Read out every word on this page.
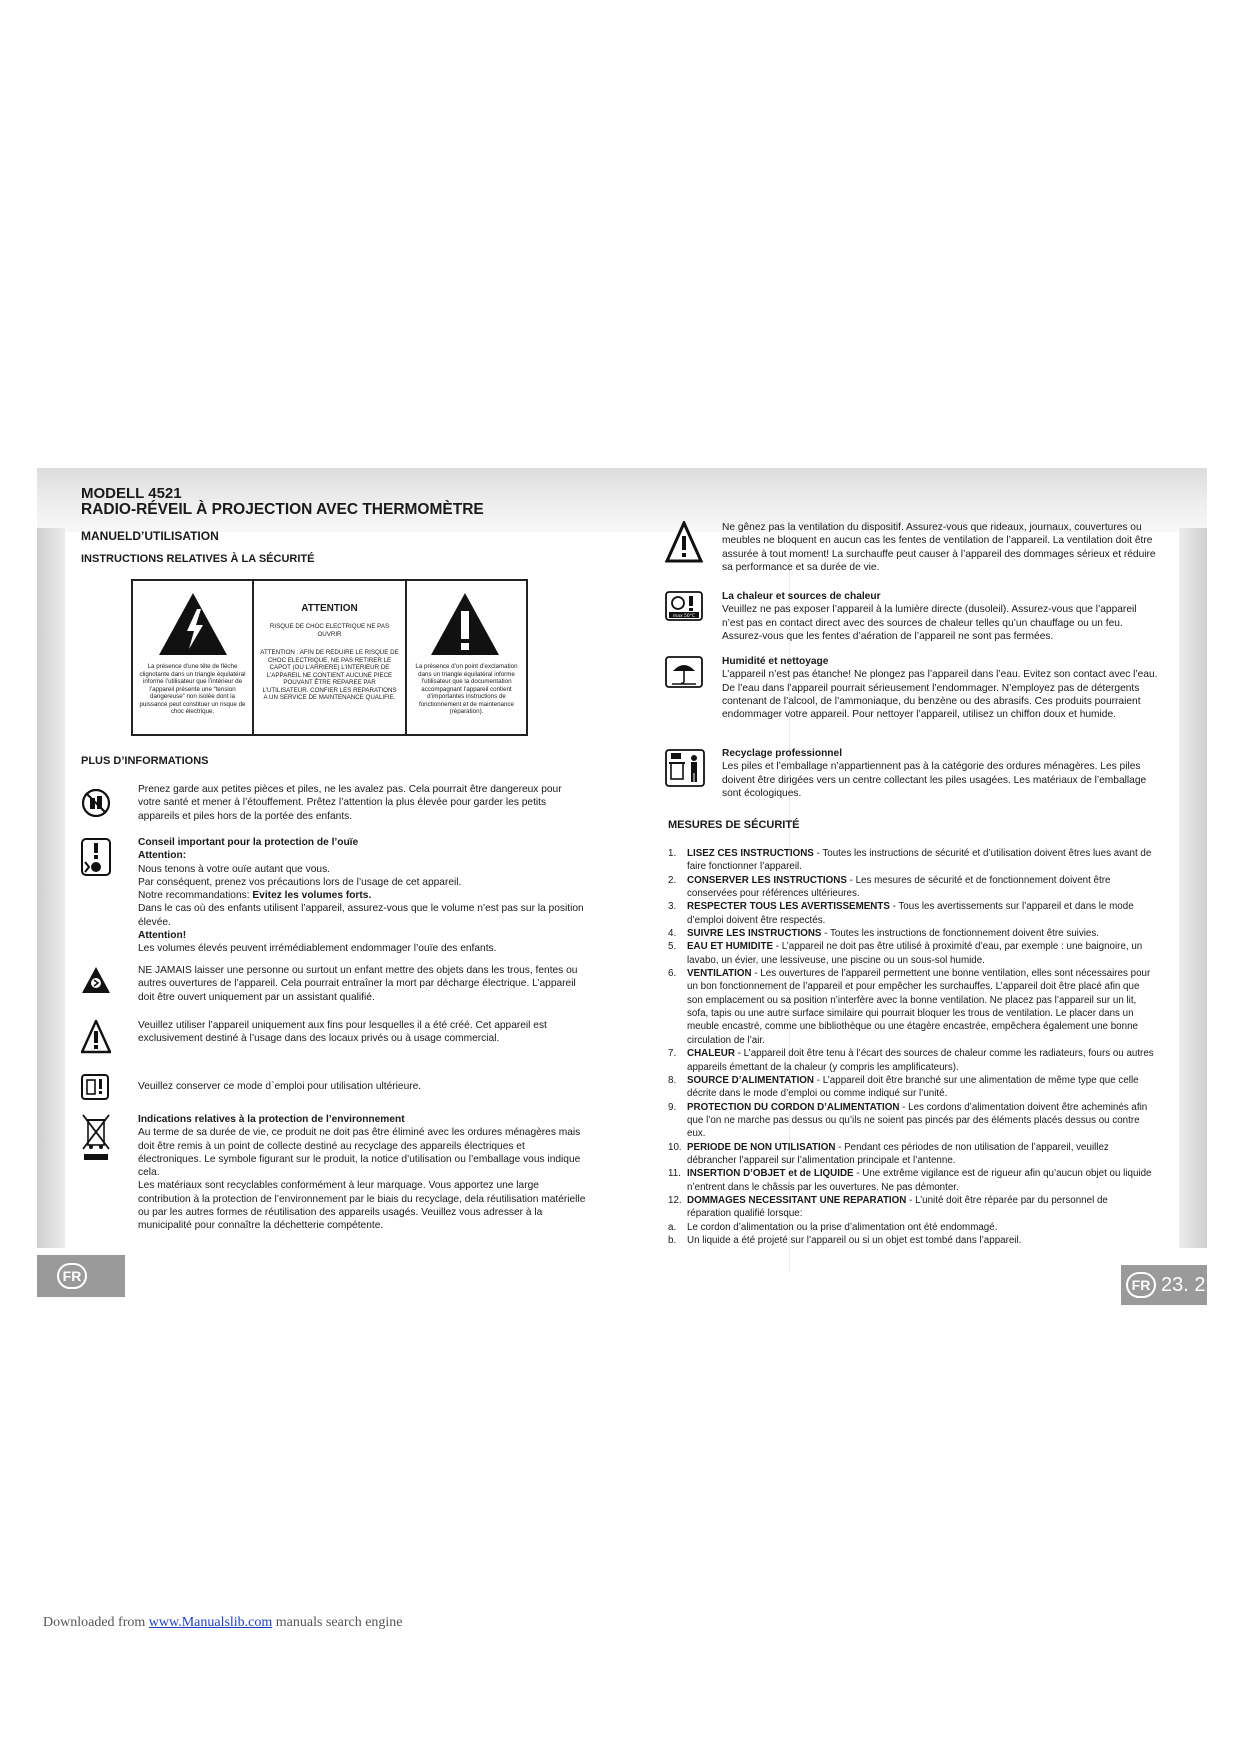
FR
FR 23. 2
MODELL 4521
RADIO-RÉVEIL À PROJECTION AVEC THERMOMÈTRE
MANUELD’UTILISATION
INSTRUCTIONS RELATIVES À LA SÉCURITÉ
La présence d’une tête de flèche clignotante dans un triangle équilatéral informe l’utilisateur que l’intérieur de l’appareil présente une “tension dangereuse” non isolée dont la puissance peut constituer un risque de choc électrique.
ATTENTION
RISQUE DE CHOC ELECTRIQUE NE PAS OUVRIR
ATTENTION : AFIN DE REDUIRE LE RISQUE DE CHOC ELECTRIQUE, NE PAS RETIRER LE CAPOT (OU L’ARRIERE) L’INTERIEUR DE L’APPAREIL NE CONTIENT AUCUNE PIECE POUVANT ÊTRE REPAREE PAR L’UTILISATEUR. CONFIER LES REPARATIONS A UN SERVICE DE MAINTENANCE QUALIFIE.
La présence d’un point d’exclamation dans un triangle équilatéral informe l’utilisateur que la documentation accompagnant l’appareil contient d’importantes instructions de fonctionnement et de maintenance (réparation).
PLUS D’INFORMATIONS
Prenez garde aux petites pièces et piles, ne les avalez pas. Cela pourrait être dangereux pour votre santé et mener à l’étouffement. Prêtez l’attention la plus élevée pour garder les petits appareils et piles hors de la portée des enfants.

Conseil important pour la protection de l’ouïe

Attention:

Nous tenons à votre ouïe autant que vous.

Par conséquent, prenez vos précautions lors de l’usage de cet appareil.

Notre recommandations: Evitez les volumes forts.

Dans le cas où des enfants utilisent l’appareil, assurez-vous que le volume n’est pas sur la position élevée.

Attention!

Les volumes élevés peuvent irrémédiablement endommager l’ouïe des enfants.

NE JAMAIS laisser une personne ou surtout un enfant mettre des objets dans les trous, fentes ou autres ouvertures de l’appareil. Cela pourrait entraîner la mort par décharge électrique. L’appareil doit être ouvert uniquement par un assistant qualifié.
Veuillez utiliser l’appareil uniquement aux fins pour lesquelles il a été créé. Cet appareil est exclusivement destiné à l’usage dans des locaux privés ou à usage commercial.
Veuillez conserver ce mode d`emploi pour utilisation ultérieure.

Indications relatives à la protection de l’environnement

Au terme de sa durée de vie, ce produit ne doit pas être éliminé avec les ordures ménagères mais doit être remis à un point de collecte destiné au recyclage des appareils électriques et électroniques. Le symbole figurant sur le produit, la notice d’utilisation ou l’emballage vous indique cela.

Les matériaux sont recyclables conformément à leur marquage. Vous apportez une large contribution à la protection de l’environnement par le biais du recyclage, dela réutilisation matérielle ou par les autres formes de réutilisation des appareils usagés. Veuillez vous adresser à la municipalité pour connaître la déchetterie compétente.

Ne gênez pas la ventilation du dispositif. Assurez-vous que rideaux, journaux, couvertures ou meubles ne bloquent en aucun cas les fentes de ventilation de l’appareil. La ventilation doit être assurée à tout moment! La surchauffe peut causer à l’appareil des dommages sérieux et réduire sa performance et sa durée de vie.
max 50°C

La chaleur et sources de chaleur

Veuillez ne pas exposer l’appareil à la lumière directe (dusoleil). Assurez-vous que l’appareil n’est pas en contact direct avec des sources de chaleur telles qu’un chauffage ou un feu. Assurez-vous que les fentes d’aération de l’appareil ne sont pas fermées.

Humidité et nettoyage

L’appareil n’est pas étanche! Ne plongez pas l’appareil dans l’eau. Evitez son contact avec l’eau. De l’eau dans l’appareil pourrait sérieusement l’endommager. N’employez pas de détergents contenant de l’alcool, de l’ammoniaque, du benzène ou des abrasifs. Ces produits pourraient endommager votre appareil. Pour nettoyer l’appareil, utilisez un chiffon doux et humide.

Recyclage professionnel

Les piles et l’emballage n’appartiennent pas à la catégorie des ordures ménagères. Les piles doivent être dirigées vers un centre collectant les piles usagées. Les matériaux de l’emballage sont écologiques.

MESURES DE SÉCURITÉ
1. LISEZ CES INSTRUCTIONS - Toutes les instructions de sécurité et d’utilisation doivent êtres lues avant de faire fonctionner l’appareil.
2. CONSERVER LES INSTRUCTIONS - Les mesures de sécurité et de fonctionnement doivent être conservées pour références ultérieures.
3. RESPECTER TOUS LES AVERTISSEMENTS - Tous les avertissements sur l’appareil et dans le mode d’emploi doivent être respectés.
4. SUIVRE LES INSTRUCTIONS - Toutes les instructions de fonctionnement doivent être suivies.
5. EAU ET HUMIDITE - L’appareil ne doit pas être utilisé à proximité d’eau, par exemple : une baignoire, un lavabo, un évier, une lessiveuse, une piscine ou un sous-sol humide.
6. VENTILATION - Les ouvertures de l’appareil permettent une bonne ventilation, elles sont nécessaires pour un bon fonctionnement de l’appareil et pour empêcher les surchauffes. L’appareil doit être placé afin que son emplacement ou sa position n’interfère avec la bonne ventilation. Ne placez pas l’appareil sur un lit, sofa, tapis ou une autre surface similaire qui pourrait bloquer les trous de ventilation. Le placer dans un meuble encastré, comme une bibliothèque ou une étagère encastrée, empêchera également une bonne circulation de l’air.
7. CHALEUR - L’appareil doit être tenu à l’écart des sources de chaleur comme les radiateurs, fours ou autres appareils émettant de la chaleur (y compris les amplificateurs).
8. SOURCE D’ALIMENTATION - L’appareil doit être branché sur une alimentation de même type que celle décrite dans le mode d’emploi ou comme indiqué sur l’unité.
9. PROTECTION DU CORDON D’ALIMENTATION - Les cordons d’alimentation doivent être acheminés afin que l’on ne marche pas dessus ou qu’ils ne soient pas pincés par des éléments placés dessus ou contre eux.
10. PERIODE DE NON UTILISATION - Pendant ces périodes de non utilisation de l’appareil, veuillez débrancher l’appareil sur l’alimentation principale et l’antenne.
11. INSERTION D’OBJET et de LIQUIDE - Une extrême vigilance est de rigueur afin qu’aucun objet ou liquide n’entrent dans le châssis par les ouvertures. Ne pas démonter.
12. DOMMAGES NECESSITANT UNE REPARATION - L’unité doit être réparée par du personnel de réparation qualifié lorsque:
a. Le cordon d’alimentation ou la prise d’alimentation ont été endommagé.
b. Un liquide a été projeté sur l’appareil ou si un objet est tombé dans l’appareil.
Downloaded from www.Manualslib.com manuals search engine
